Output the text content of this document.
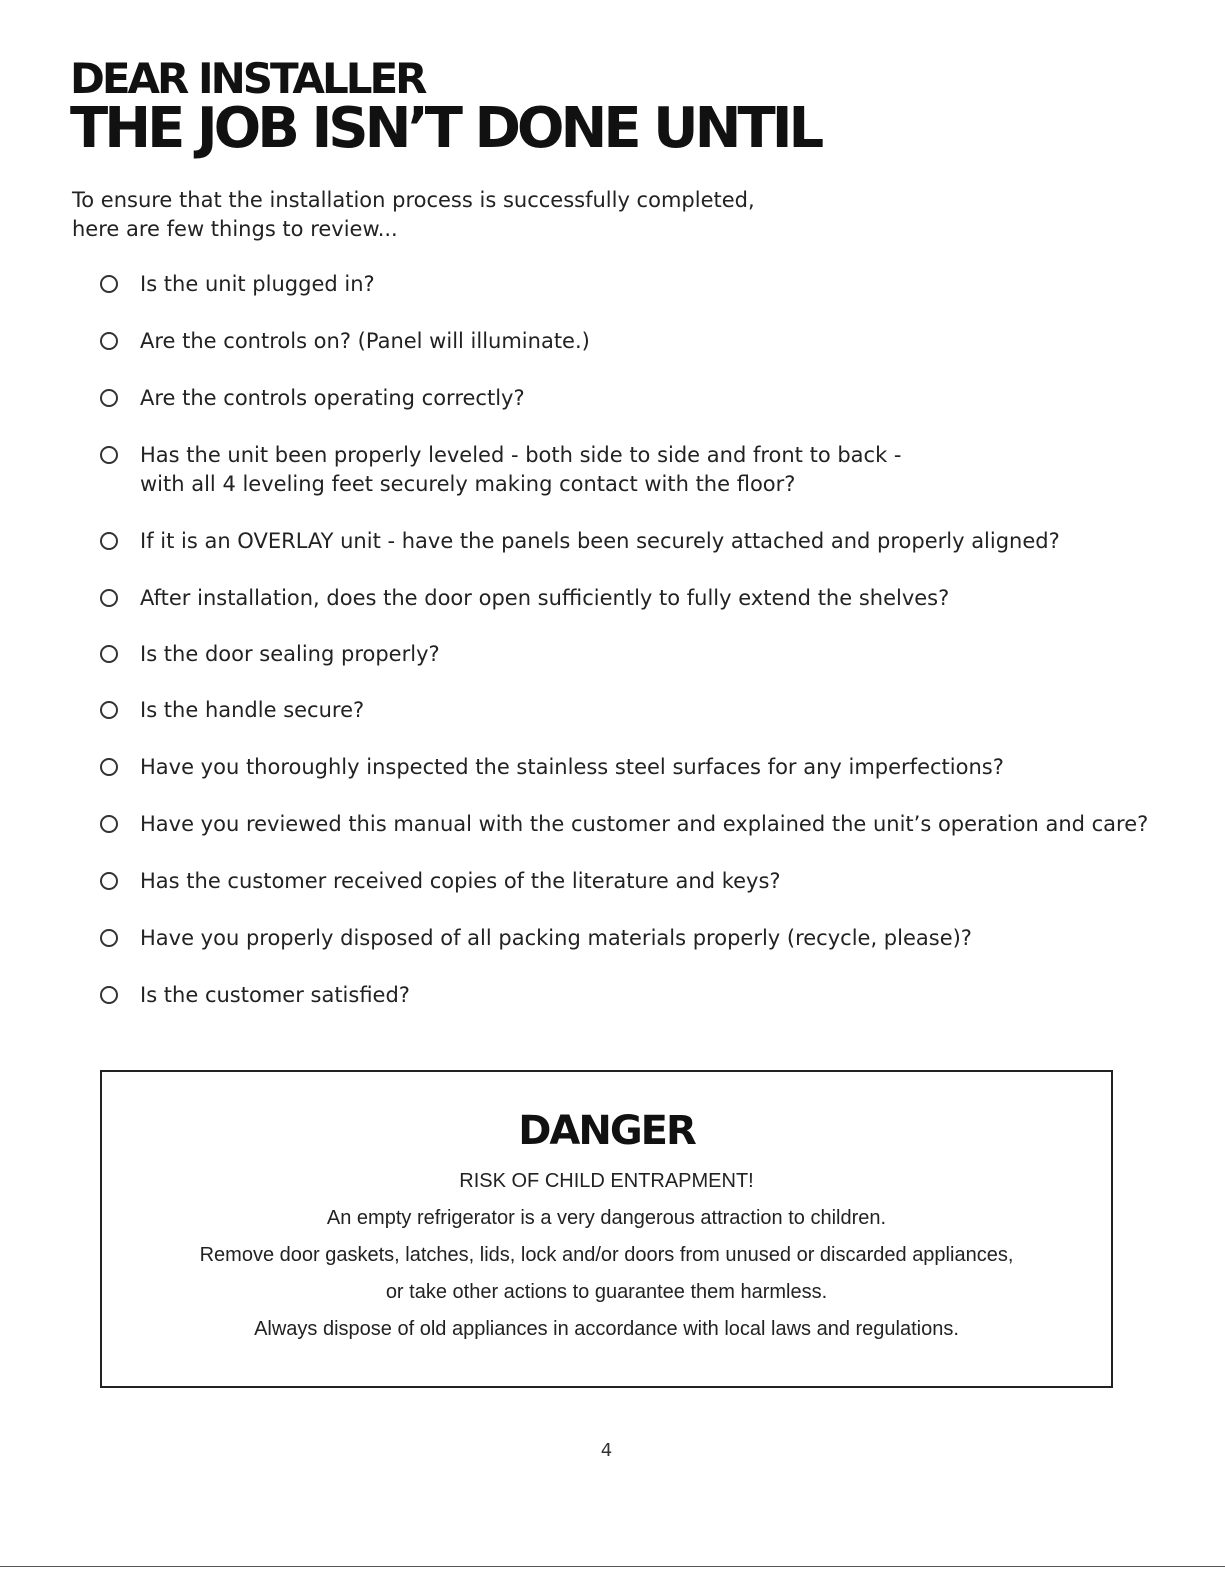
DEAR INSTALLER
THE JOB ISN’T DONE UNTIL

To ensure that the installation process is successfully completed,
here are few things to review...

Is the unit plugged in?
Are the controls on? (Panel will illuminate.)
Are the controls operating correctly?
Has the unit been properly leveled - both side to side and front to back -
with all 4 leveling feet securely making contact with the floor?
If it is an OVERLAY unit - have the panels been securely attached and properly aligned?
After installation, does the door open sufficiently to fully extend the shelves?
Is the door sealing properly?
Is the handle secure?
Have you thoroughly inspected the stainless steel surfaces for any imperfections?
Have you reviewed this manual with the customer and explained the unit’s operation and care?
Has the customer received copies of the literature and keys?
Have you properly disposed of all packing materials properly (recycle, please)?
Is the customer satisfied?
DANGER
RISK OF CHILD ENTRAPMENT!
An empty refrigerator is a very dangerous attraction to children.
Remove door gaskets, latches, lids, lock and/or doors from unused or discarded appliances,
or take other actions to guarantee them harmless.
Always dispose of old appliances in accordance with local laws and regulations.
4
